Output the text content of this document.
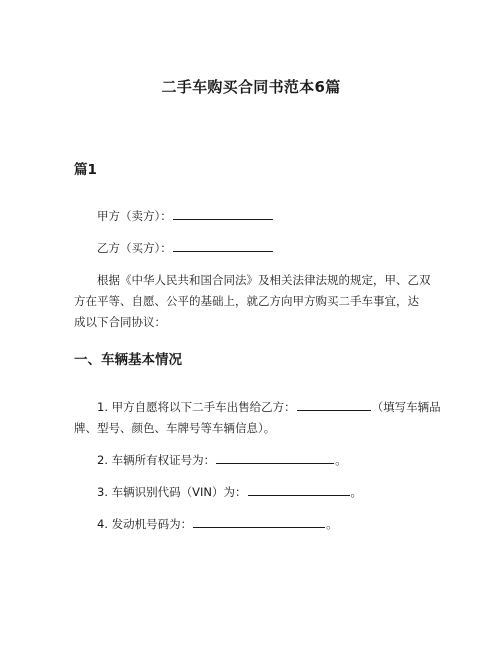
二手车购买合同书范本6篇
篇1

甲方（卖方）：

乙方（买方）：

根据《中华人民共和国合同法》及相关法律法规的规定，甲、乙双
方在平等、自愿、公平的基础上，就乙方向甲方购买二手车事宜，达
成以下合同协议：
一、车辆基本情况
1. 甲方自愿将以下二手车出售给乙方：	（填写车辆品
牌、型号、颜色、车牌号等车辆信息）。

2. 车辆所有权证号为：	。

3. 车辆识别代码（VIN）为：	。

4. 发动机号码为：	。
